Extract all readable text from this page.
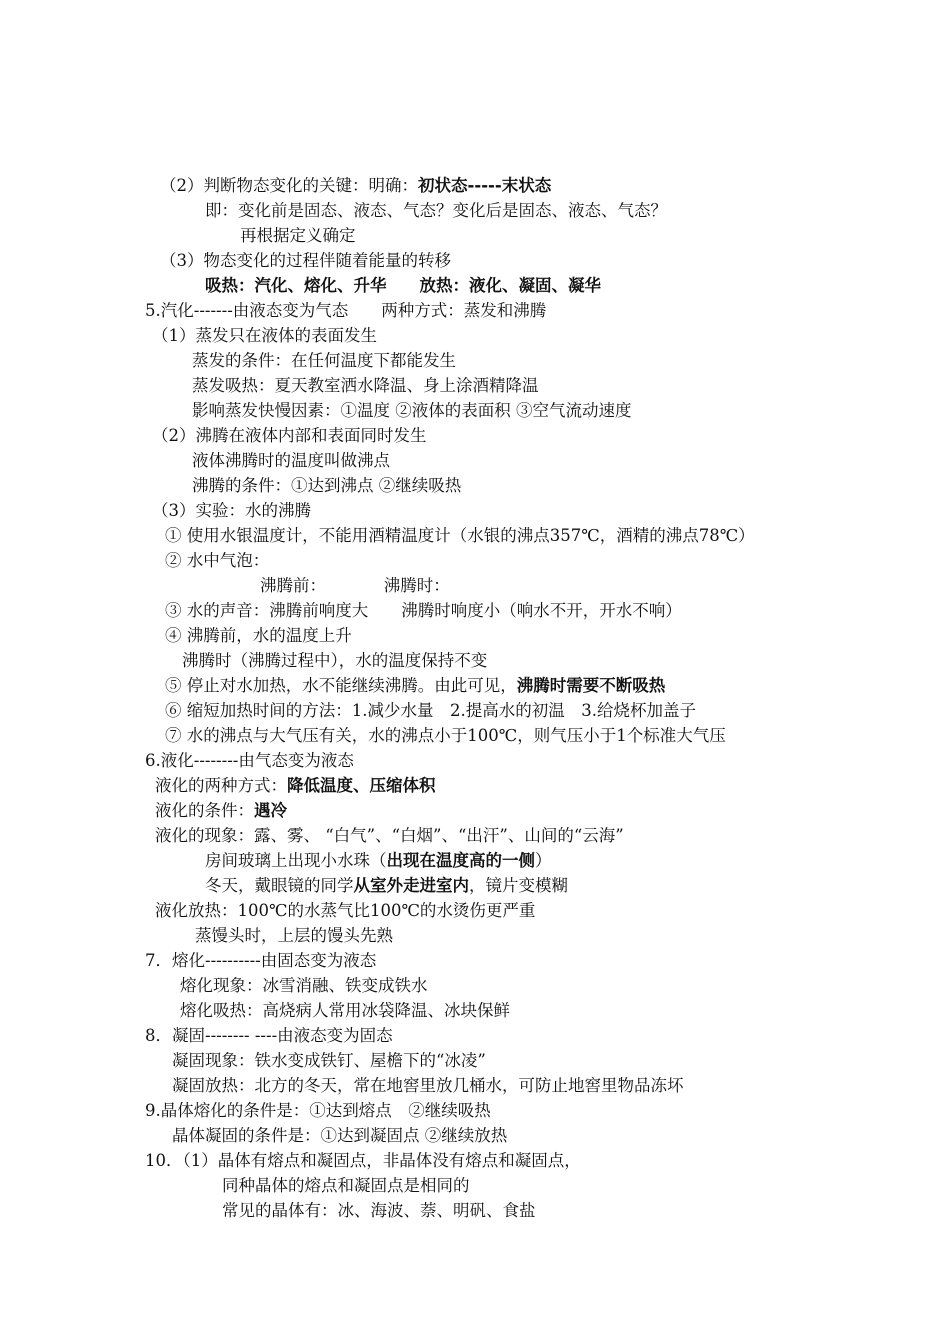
（2）判断物态变化的关键：明确：初状态-----末状态
即：变化前是固态、液态、气态？变化后是固态、液态、气态？
再根据定义确定
（3）物态变化的过程伴随着能量的转移
吸热：汽化、熔化、升华　　放热：液化、凝固、凝华
5.汽化-------由液态变为气态　　两种方式：蒸发和沸腾
（1）蒸发只在液体的表面发生
蒸发的条件：在任何温度下都能发生
蒸发吸热：夏天教室洒水降温、身上涂酒精降温
影响蒸发快慢因素：①温度 ②液体的表面积 ③空气流动速度
（2）沸腾在液体内部和表面同时发生
液体沸腾时的温度叫做沸点
沸腾的条件：①达到沸点 ②继续吸热
（3）实验：水的沸腾
① 使用水银温度计，不能用酒精温度计（水银的沸点357℃，酒精的沸点78℃）
② 水中气泡：
沸腾前：　　　　沸腾时：
③ 水的声音：沸腾前响度大　　沸腾时响度小（响水不开，开水不响）
④ 沸腾前，水的温度上升
沸腾时（沸腾过程中），水的温度保持不变
⑤ 停止对水加热，水不能继续沸腾。由此可见，沸腾时需要不断吸热
⑥ 缩短加热时间的方法：1.减少水量　2.提高水的初温　3.给烧杯加盖子
⑦ 水的沸点与大气压有关，水的沸点小于100℃，则气压小于1个标准大气压
6.液化--------由气态变为液态
液化的两种方式：降低温度、压缩体积
液化的条件：遇冷
液化的现象：露、雾、 “白气”、“白烟”、“出汗”、山间的“云海”
房间玻璃上出现小水珠（出现在温度高的一侧）
冬天，戴眼镜的同学从室外走进室内，镜片变模糊
液化放热：100℃的水蒸气比100℃的水烫伤更严重
蒸馒头时，上层的馒头先熟
7．熔化----------由固态变为液态
熔化现象：冰雪消融、铁变成铁水
熔化吸热：高烧病人常用冰袋降温、冰块保鲜
8．凝固-------- ----由液态变为固态
凝固现象：铁水变成铁钉、屋檐下的“冰凌”
凝固放热：北方的冬天，常在地窖里放几桶水，可防止地窖里物品冻坏
9.晶体熔化的条件是：①达到熔点　②继续吸热
晶体凝固的条件是：①达到凝固点 ②继续放热
10．（1）晶体有熔点和凝固点，非晶体没有熔点和凝固点，
同种晶体的熔点和凝固点是相同的
常见的晶体有：冰、海波、萘、明矾、食盐
